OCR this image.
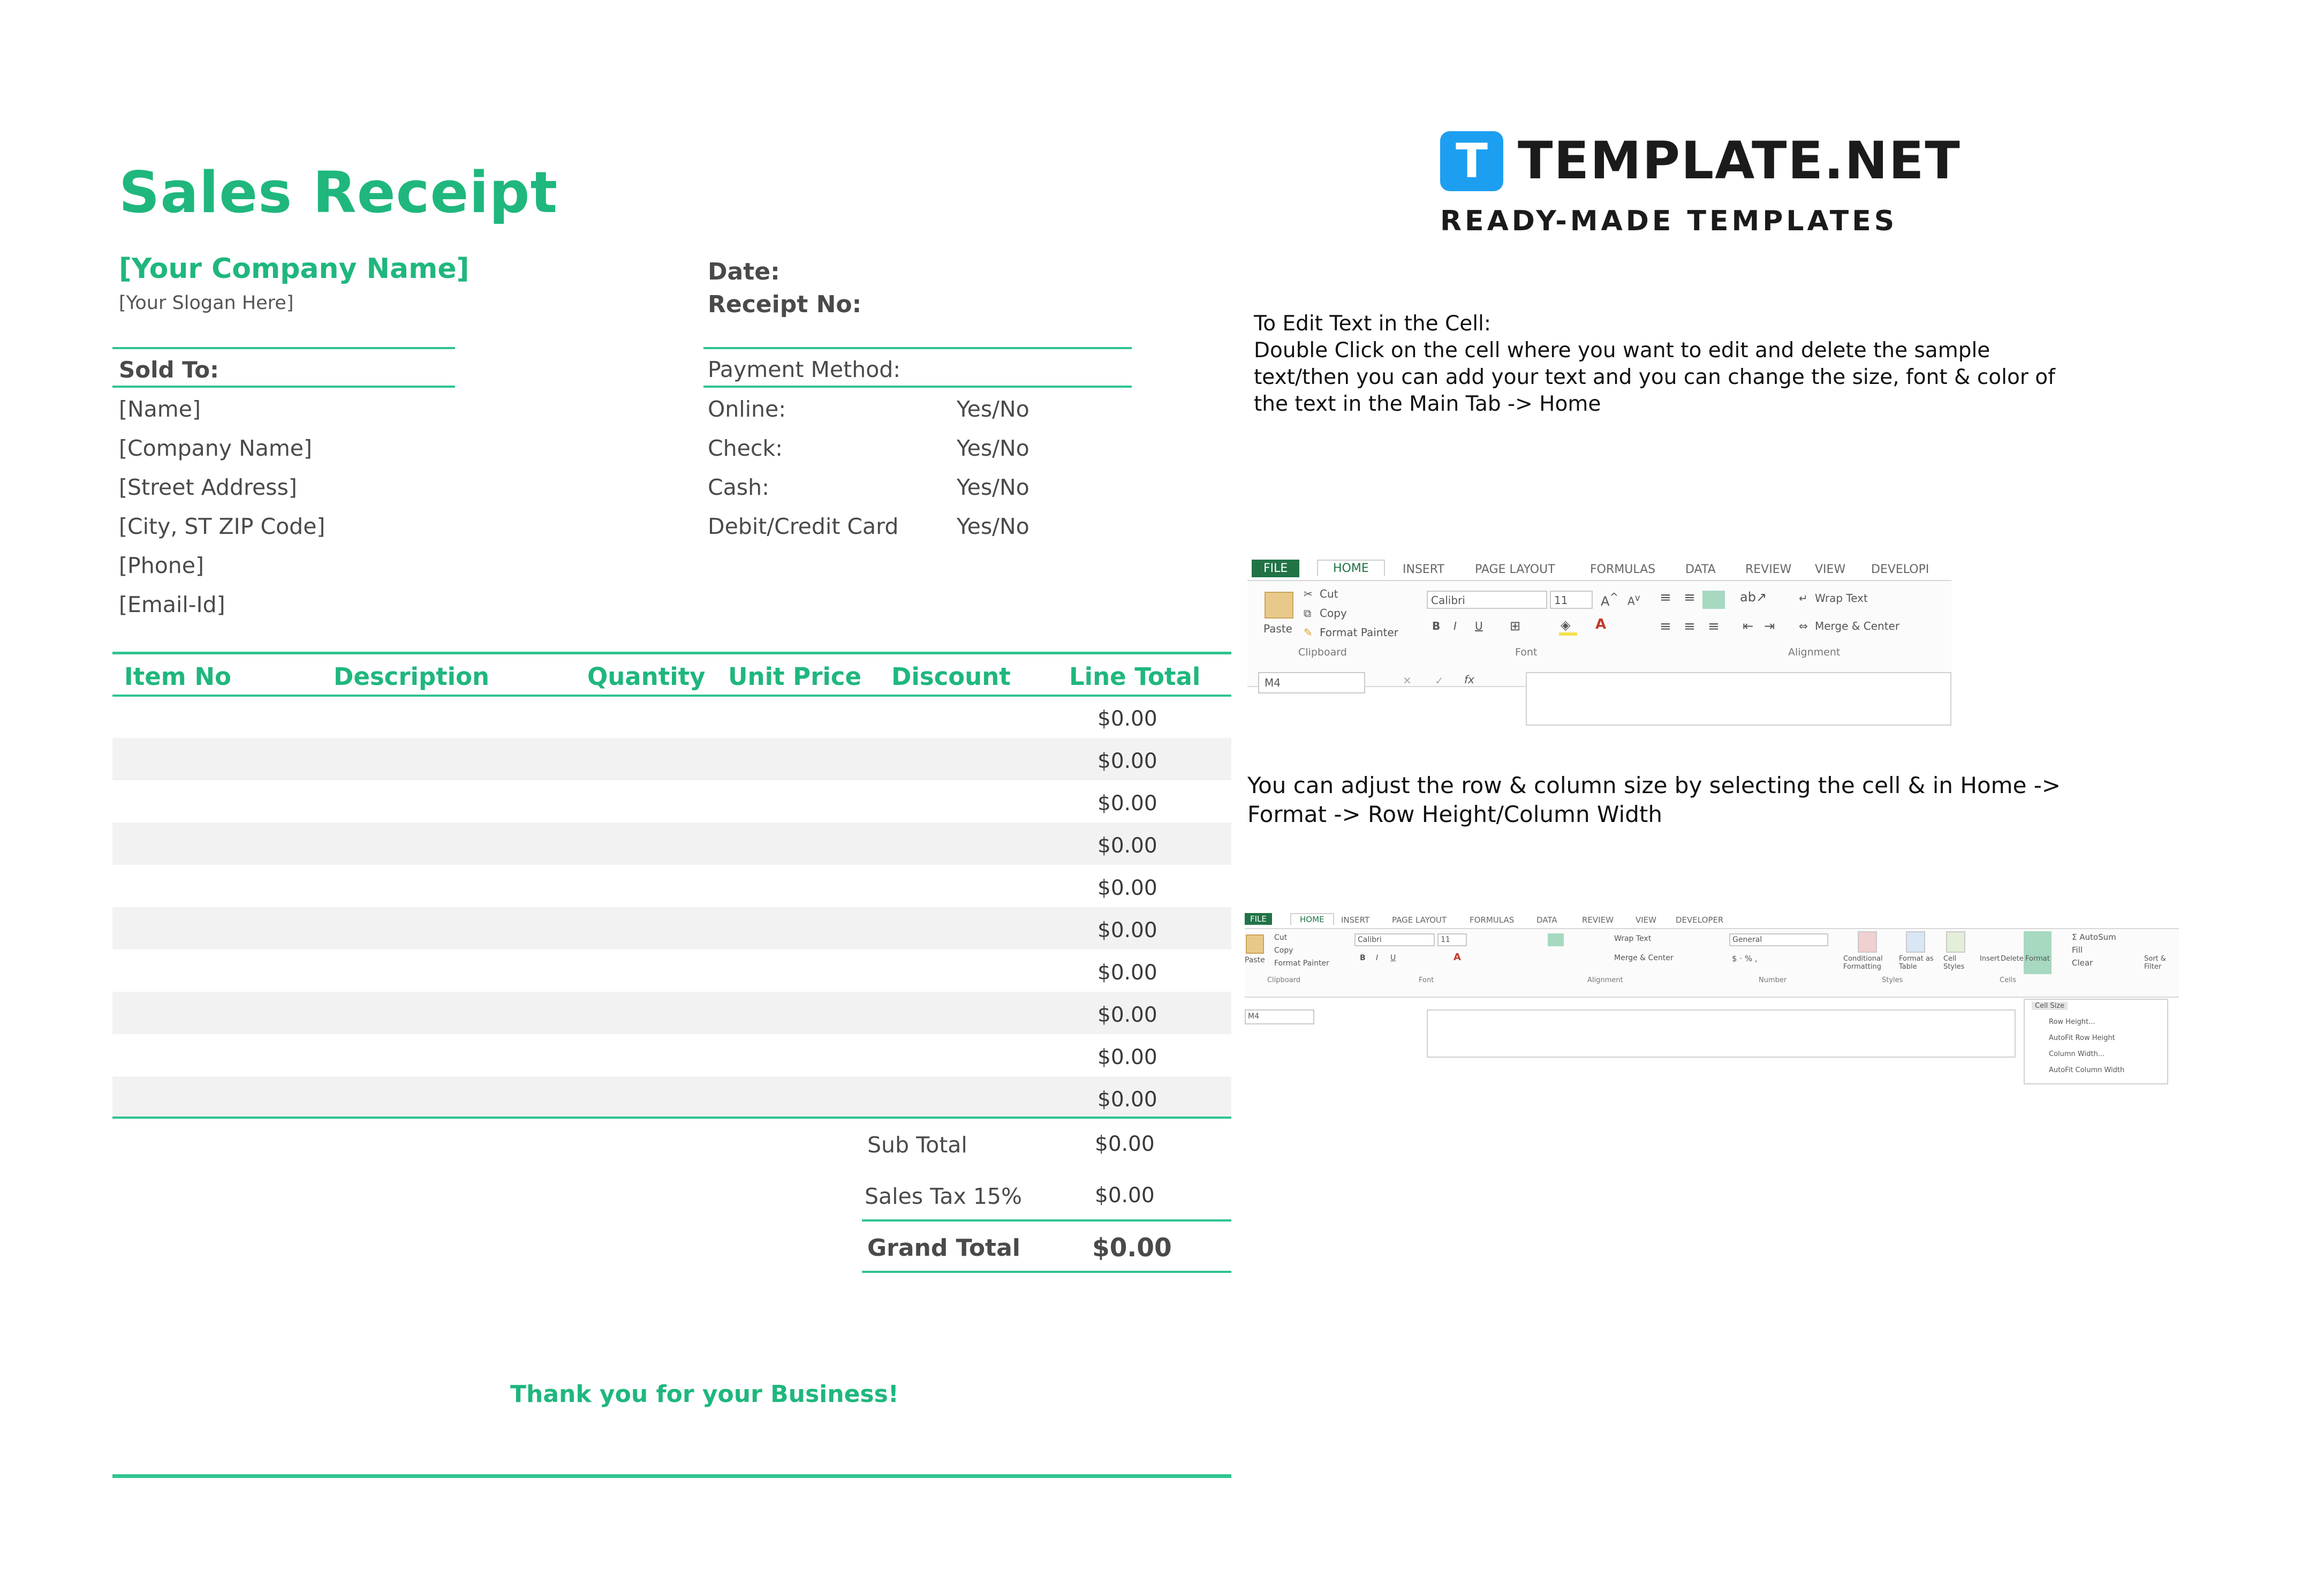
Sales Receipt
[Your Company Name]
[Your Slogan Here]
Date:
Receipt No:
T TEMPLATE.NET
READY-MADE TEMPLATES
Sold To:
[Name]
[Company Name]
[Street Address]
[City, ST ZIP Code]
[Phone]
[Email-Id]
Payment Method:
Online:	Yes/No
Check:	Yes/No
Cash:	Yes/No
Debit/Credit Card	Yes/No
Item No	Description	Quantity Unit Price Discount Line Total
$0.00
$0.00
$0.00
$0.00
$0.00
$0.00
$0.00
$0.00
$0.00
$0.00
Sub Total	$0.00
Sales Tax 15%	$0.00
Grand Total	$0.00
Thank you for your Business!
To Edit Text in the Cell:
Double Click on the cell where you want to edit and delete the sample text/then you can add your text and you can change the size, font & color of the text in the Main Tab -> Home
You can adjust the row & column size by selecting the cell & in Home -> Format -> Row Height/Column Width
FILE	HOME	INSERT	PAGE LAYOUT	FORMULAS	DATA	REVIEW VIEW DEVELOPI
Paste
✂ Cut
⧉ Copy
✎ Format Painter
Clipboard
Calibri	11	A^ $A^v$
B I U ⊞	◈ A
Font
≡ ≡	ab↗
≡ ≡ ≡ ⇤ ⇥
↵ Wrap Text
⇔ Merge & Center
Alignment
M4	✕ ✓ fx
FILE	HOME	INSERT	PAGE LAYOUT	FORMULAS	DATA	REVIEW	VIEW DEVELOPER
Paste
Cut
Copy
Format Painter
Clipboard
Calibri	11
B I U	A
Font
Wrap Text
Merge & Center
Alignment
General
$ · % ,
Number
Conditional Formatting
Format as Table
Cell Styles
Styles
Insert Delete Format
Cells
Σ AutoSum
Fill
Clear	Sort & Filter
M4
Cell Size
Row Height...
AutoFit Row Height
Column Width...
AutoFit Column Width
